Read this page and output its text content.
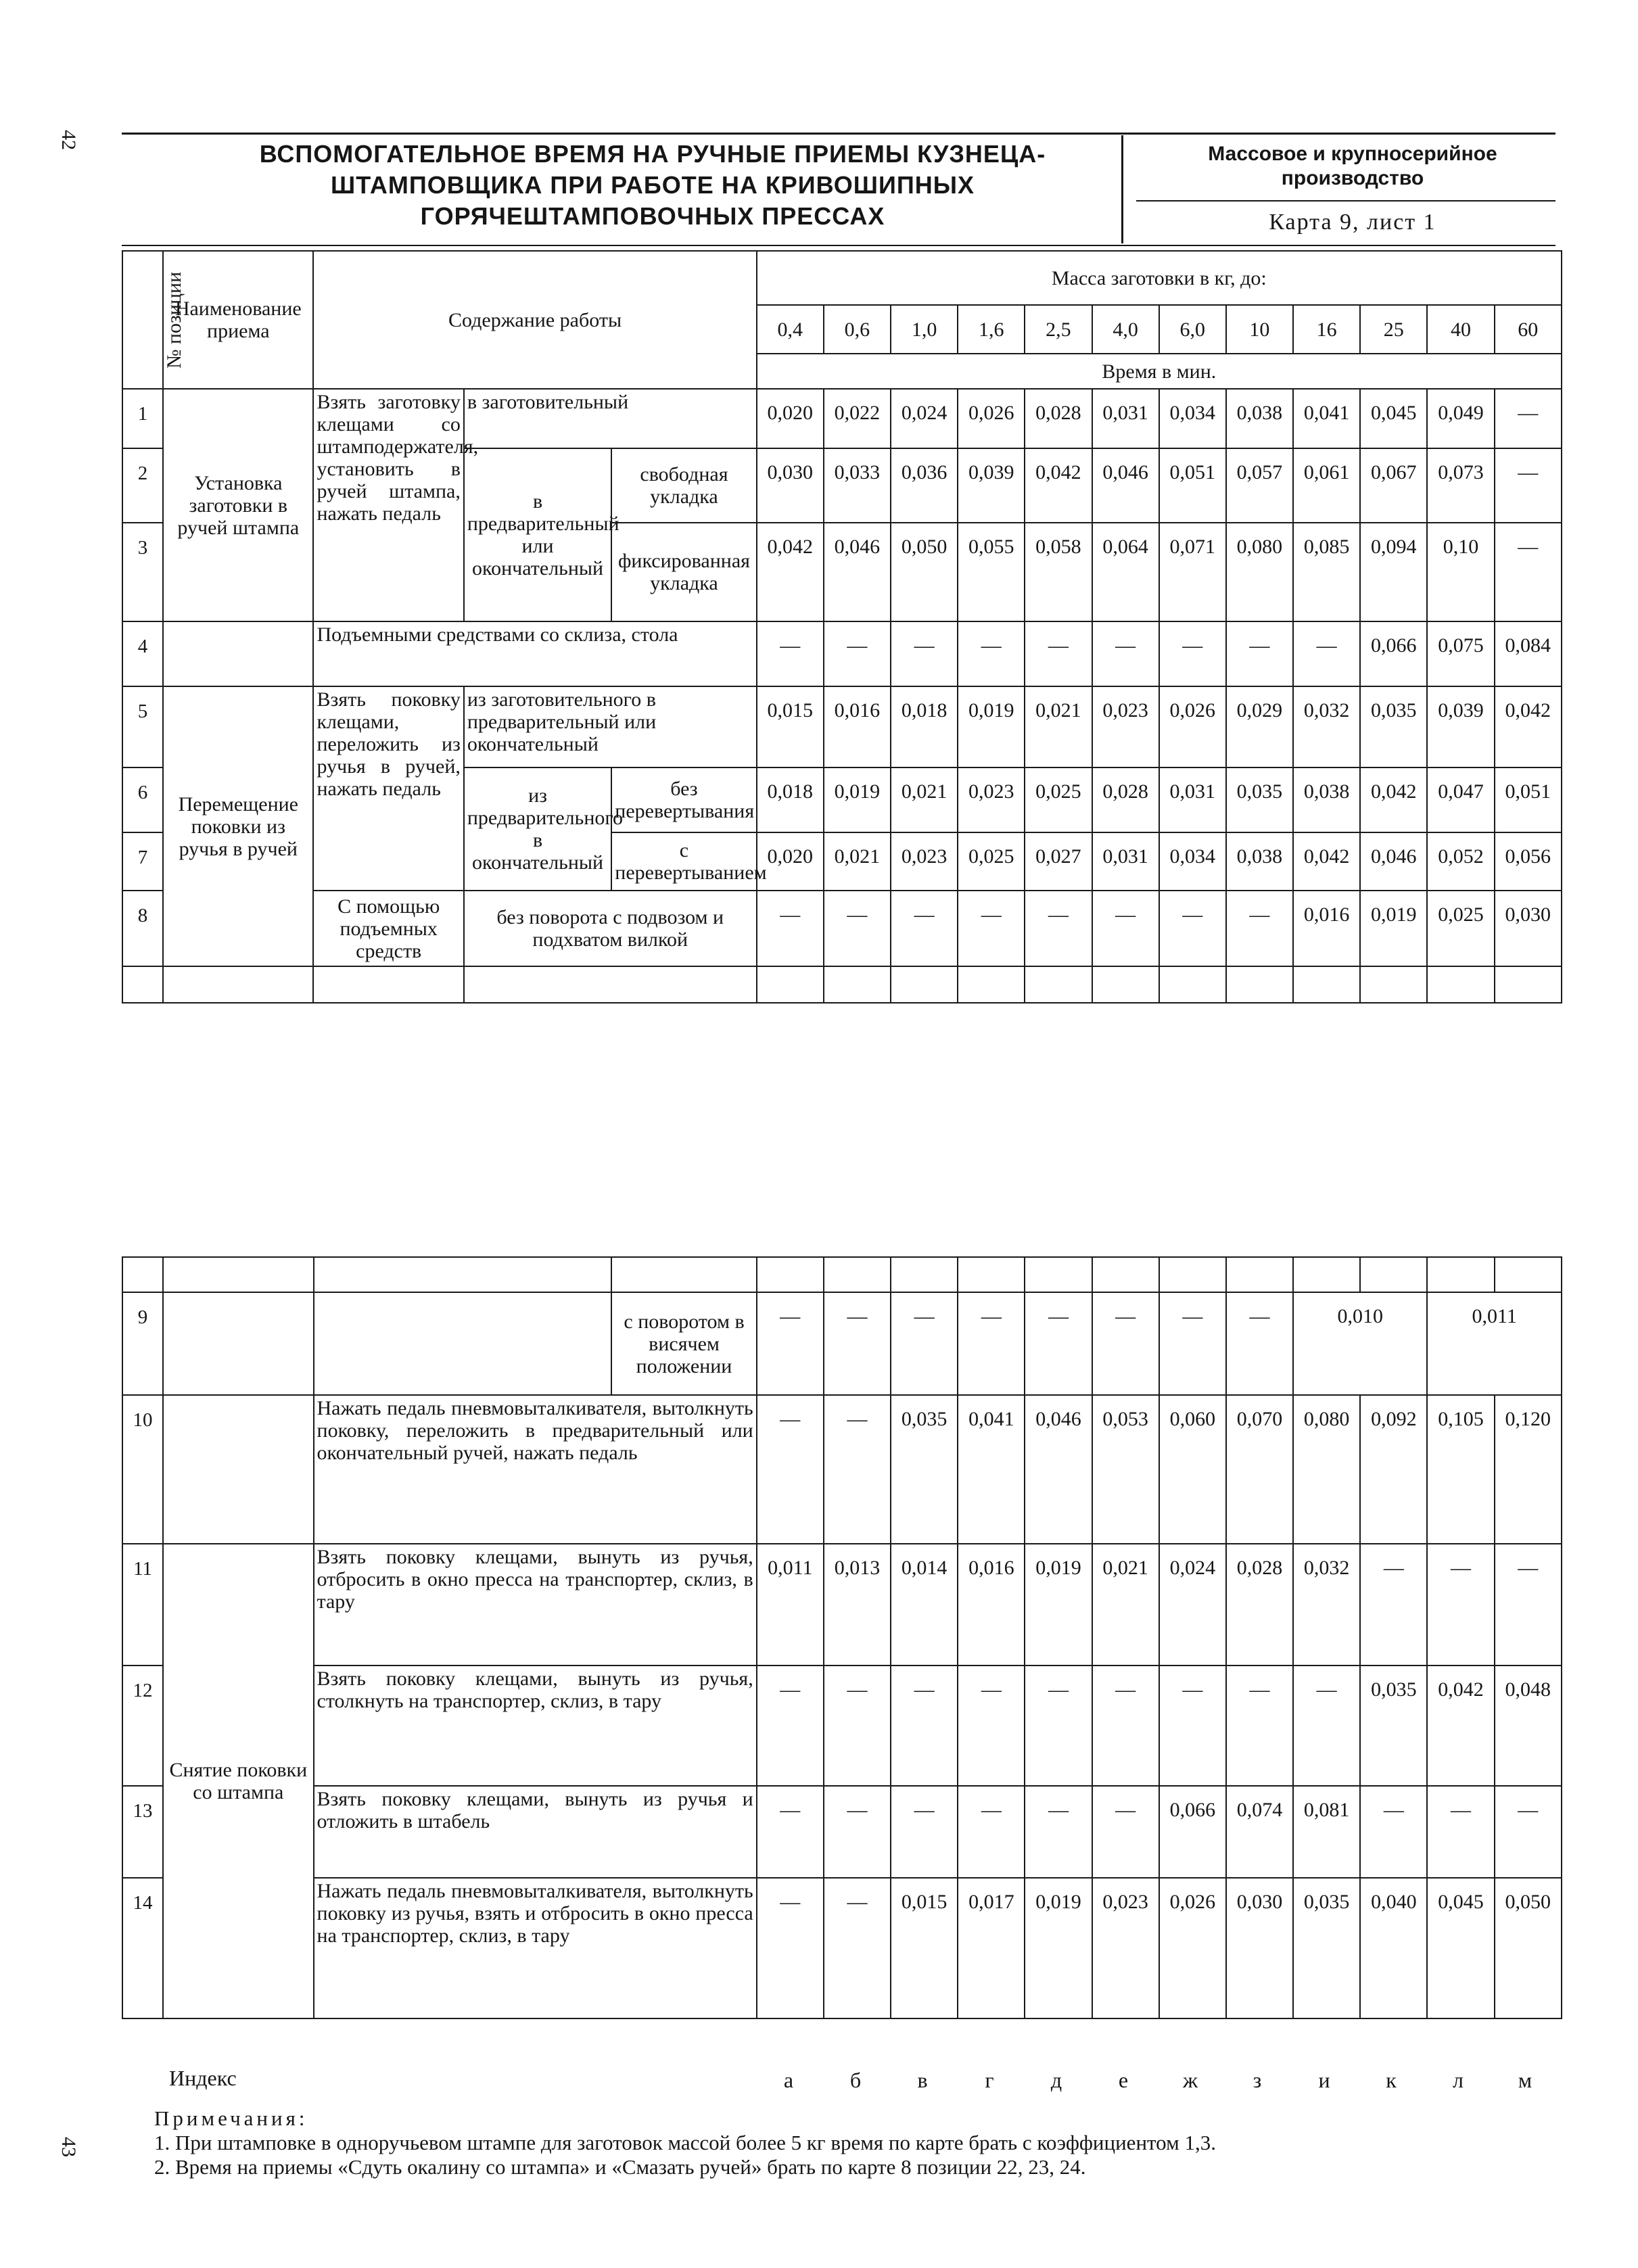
42
43
ВСПОМОГАТЕЛЬНОЕ ВРЕМЯ НА РУЧНЫЕ ПРИЕМЫ КУЗНЕЦА-ШТАМПОВЩИКА ПРИ РАБОТЕ НА КРИВОШИПНЫХ ГОРЯЧЕШТАМПОВОЧНЫХ ПРЕССАХ
Массовое и крупносерийное производство
Карта 9, лист 1
№ позиции	Наименование приема	Содержание работы			Масса заготовки в кг, до:											
					0,4	0,6	1,0	1,6	2,5	4,0	6,0	10	16	25	40	60
					Время в мин.											
1	Установка заготовки в ручей штампа	Взять заготовку клещами со штамподержателя, установить в ручей штампа, нажать педаль	в заготовительный		0,020	0,022	0,024	0,026	0,028	0,031	0,034	0,038	0,041	0,045	0,049	—
2			в предварительный или окончательный	свободная укладка	0,030	0,033	0,036	0,039	0,042	0,046	0,051	0,057	0,061	0,067	0,073	—
3				фиксированная укладка	0,042	0,046	0,050	0,055	0,058	0,064	0,071	0,080	0,085	0,094	0,10	—
4		Подъемными средствами со склиза, стола			—	—	—	—	—	—	—	—	—	0,066	0,075	0,084
5	Перемещение поковки из ручья в ручей	Взять поковку клещами, переложить из ручья в ручей, нажать педаль	из заготовительного в предварительный или окончательный		0,015	0,016	0,018	0,019	0,021	0,023	0,026	0,029	0,032	0,035	0,039	0,042
6			из предварительного в окончательный	без перевертывания	0,018	0,019	0,021	0,023	0,025	0,028	0,031	0,035	0,038	0,042	0,047	0,051
7				с перевертыванием	0,020	0,021	0,023	0,025	0,027	0,031	0,034	0,038	0,042	0,046	0,052	0,056
8		С помощью подъемных средств	без поворота с подвозом и подхватом вилкой		—	—	—	—	—	—	—	—	0,016	0,019	0,025	0,030

9			с поворотом в висячем положении	—	—	—	—	—	—	—	—	0,010		0,011	
10		Нажать педаль пневмовыталкивателя, вытолкнуть поковку, переложить в предварительный или окончательный ручей, нажать педаль		—	—	0,035	0,041	0,046	0,053	0,060	0,070	0,080	0,092	0,105	0,120
11	Снятие поковки со штампа	Взять поковку клещами, вынуть из ручья, отбросить в окно пресса на транспортер, склиз, в тару		0,011	0,013	0,014	0,016	0,019	0,021	0,024	0,028	0,032	—	—	—
12		Взять поковку клещами, вынуть из ручья, столкнуть на транспортер, склиз, в тару		—	—	—	—	—	—	—	—	—	0,035	0,042	0,048
13		Взять поковку клещами, вынуть из ручья и отложить в штабель		—	—	—	—	—	—	0,066	0,074	0,081	—	—	—
14		Нажать педаль пневмовыталкивателя, вытолкнуть поковку из ручья, взять и отбросить в окно пресса на транспортер, склиз, в тару		—	—	0,015	0,017	0,019	0,023	0,026	0,030	0,035	0,040	0,045	0,050
Индекс	а	б	в	г	д	е	ж	з	и	к	л	м
Примечания:
1. При штамповке в одноручьевом штампе для заготовок массой более 5 кг время по карте брать с коэффициентом 1,3.
2. Время на приемы «Сдуть окалину со штампа» и «Смазать ручей» брать по карте 8 позиции 22, 23, 24.
